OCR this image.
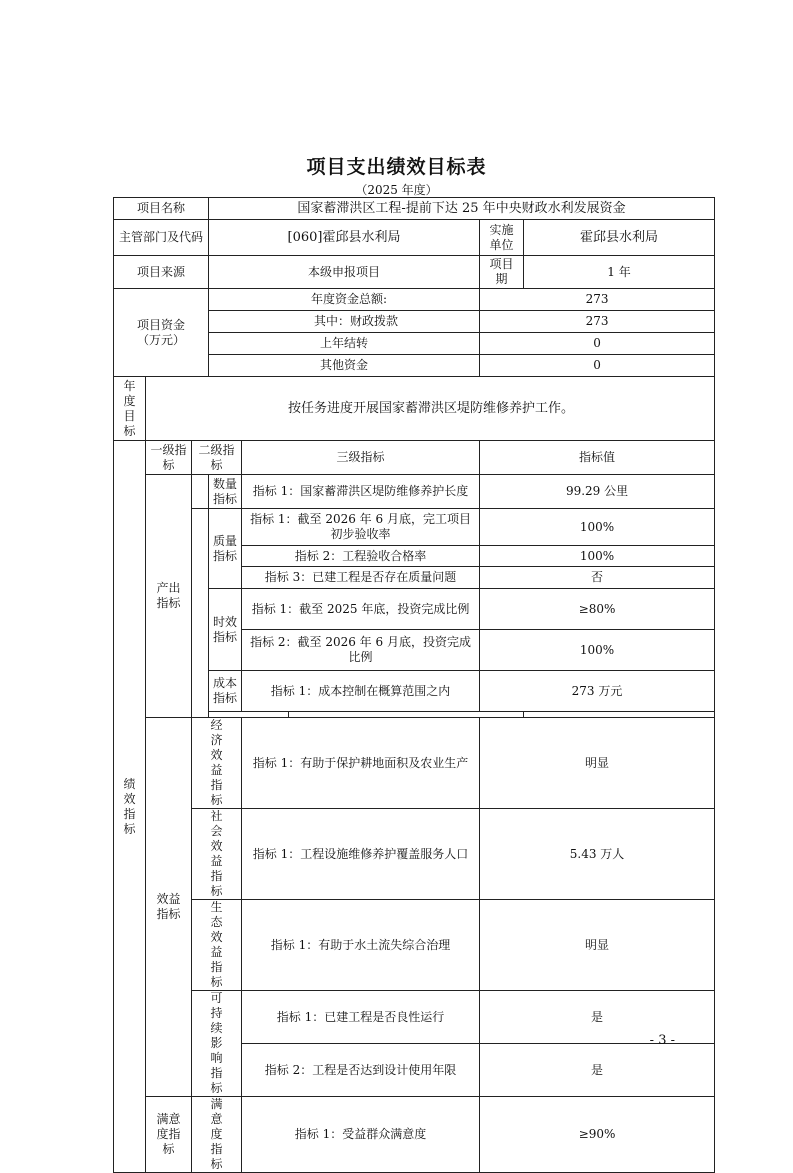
项目支出绩效目标表
（2025 年度）
项目名称			国家蓄滞洪区工程-提前下达 25 年中央财政水利发展资金				
主管部门及代码			[060]霍邱县水利局			实施单位	霍邱县水利局
项目来源			本级申报项目			项目期	1 年
项目资金（万元）			年度资金总额:			273	
			其中：财政拨款			273	
			上年结转			0	
			其他资金			0	
年度目标	按任务进度开展国家蓄滞洪区堤防维修养护工作。						
绩效指标	一级指标	二级指标		三级指标		指标值	
	产出指标		数量指标	指标 1：国家蓄滞洪区堤防维修养护长度		99.29 公里	
			质量指标	指标 1：截至 2026 年 6 月底，完工项目初步验收率		100%	
				指标 2：工程验收合格率		100%	
				指标 3：已建工程是否存在质量问题		否	
			时效指标	指标 1：截至 2025 年底，投资完成比例		≥80%	
				指标 2：截至 2026 年 6 月底，投资完成比例		100%	
			成本指标	指标 1：成本控制在概算范围之内		273 万元	

	效益指标	经济效益指标		指标 1：有助于保护耕地面积及农业生产		明显	
		社会效益指标		指标 1：工程设施维修养护覆盖服务人口		5.43 万人	
		生态效益指标		指标 1：有助于水土流失综合治理		明显	
		可持续影响指标		指标 1：已建工程是否良性运行		是	
				指标 2：工程是否达到设计使用年限		是	
	满意度指标	满意度指标		指标 1：受益群众满意度		≥90%	
- 3 -
